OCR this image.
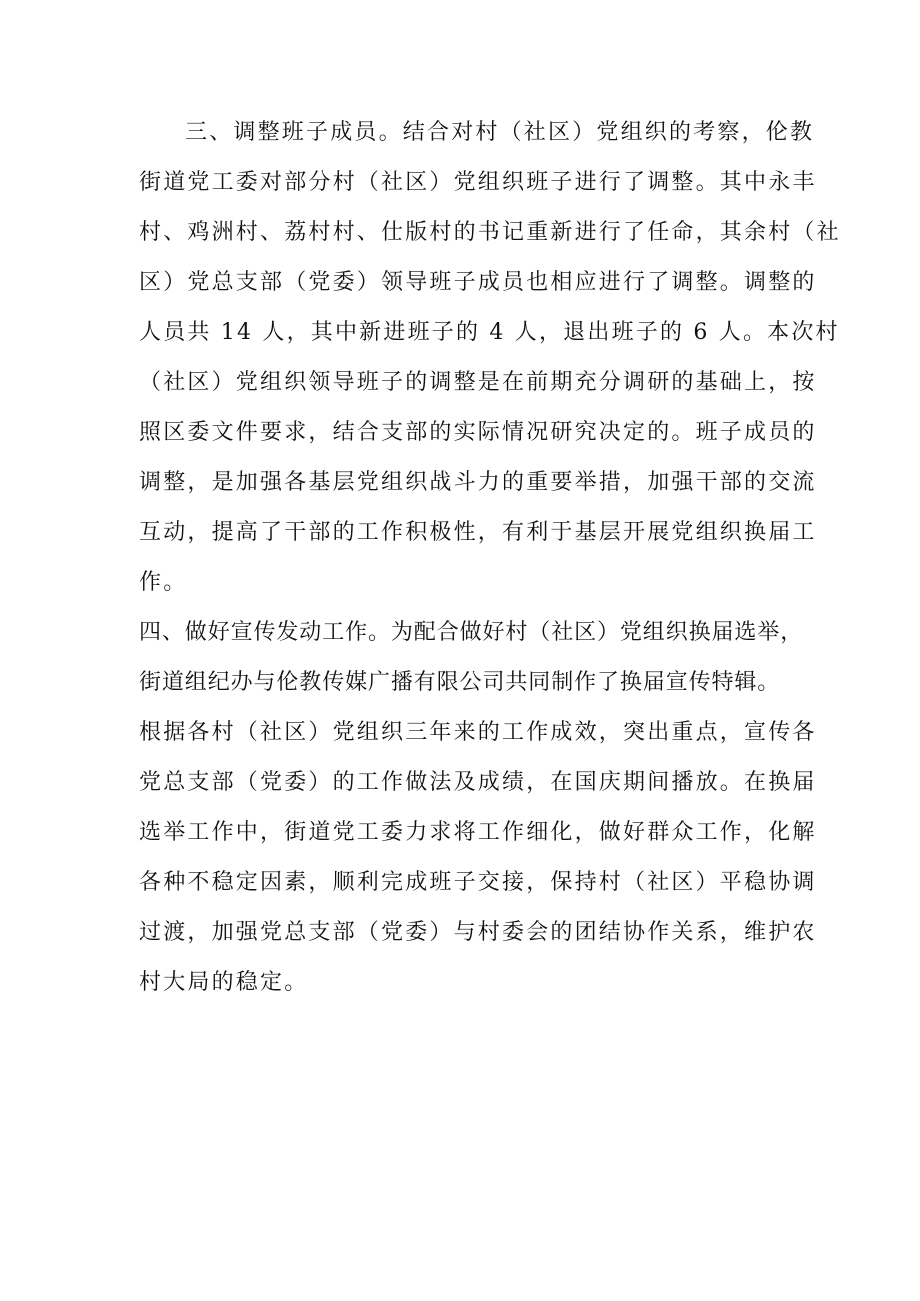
三、调整班子成员。结合对村（社区）党组织的考察，伦教
街道党工委对部分村（社区）党组织班子进行了调整。其中永丰
村、鸡洲村、荔村村、仕版村的书记重新进行了任命，其余村（社
区）党总支部（党委）领导班子成员也相应进行了调整。调整的
人员共 14 人，其中新进班子的 4 人，退出班子的 6 人。本次村
（社区）党组织领导班子的调整是在前期充分调研的基础上，按
照区委文件要求，结合支部的实际情况研究决定的。班子成员的
调整，是加强各基层党组织战斗力的重要举措，加强干部的交流
互动，提高了干部的工作积极性，有利于基层开展党组织换届工
作。
四、做好宣传发动工作。为配合做好村（社区）党组织换届选举，
街道组纪办与伦教传媒广播有限公司共同制作了换届宣传特辑。
根据各村（社区）党组织三年来的工作成效，突出重点，宣传各
党总支部（党委）的工作做法及成绩，在国庆期间播放。在换届
选举工作中，街道党工委力求将工作细化，做好群众工作，化解
各种不稳定因素，顺利完成班子交接，保持村（社区）平稳协调
过渡，加强党总支部（党委）与村委会的团结协作关系，维护农
村大局的稳定。
